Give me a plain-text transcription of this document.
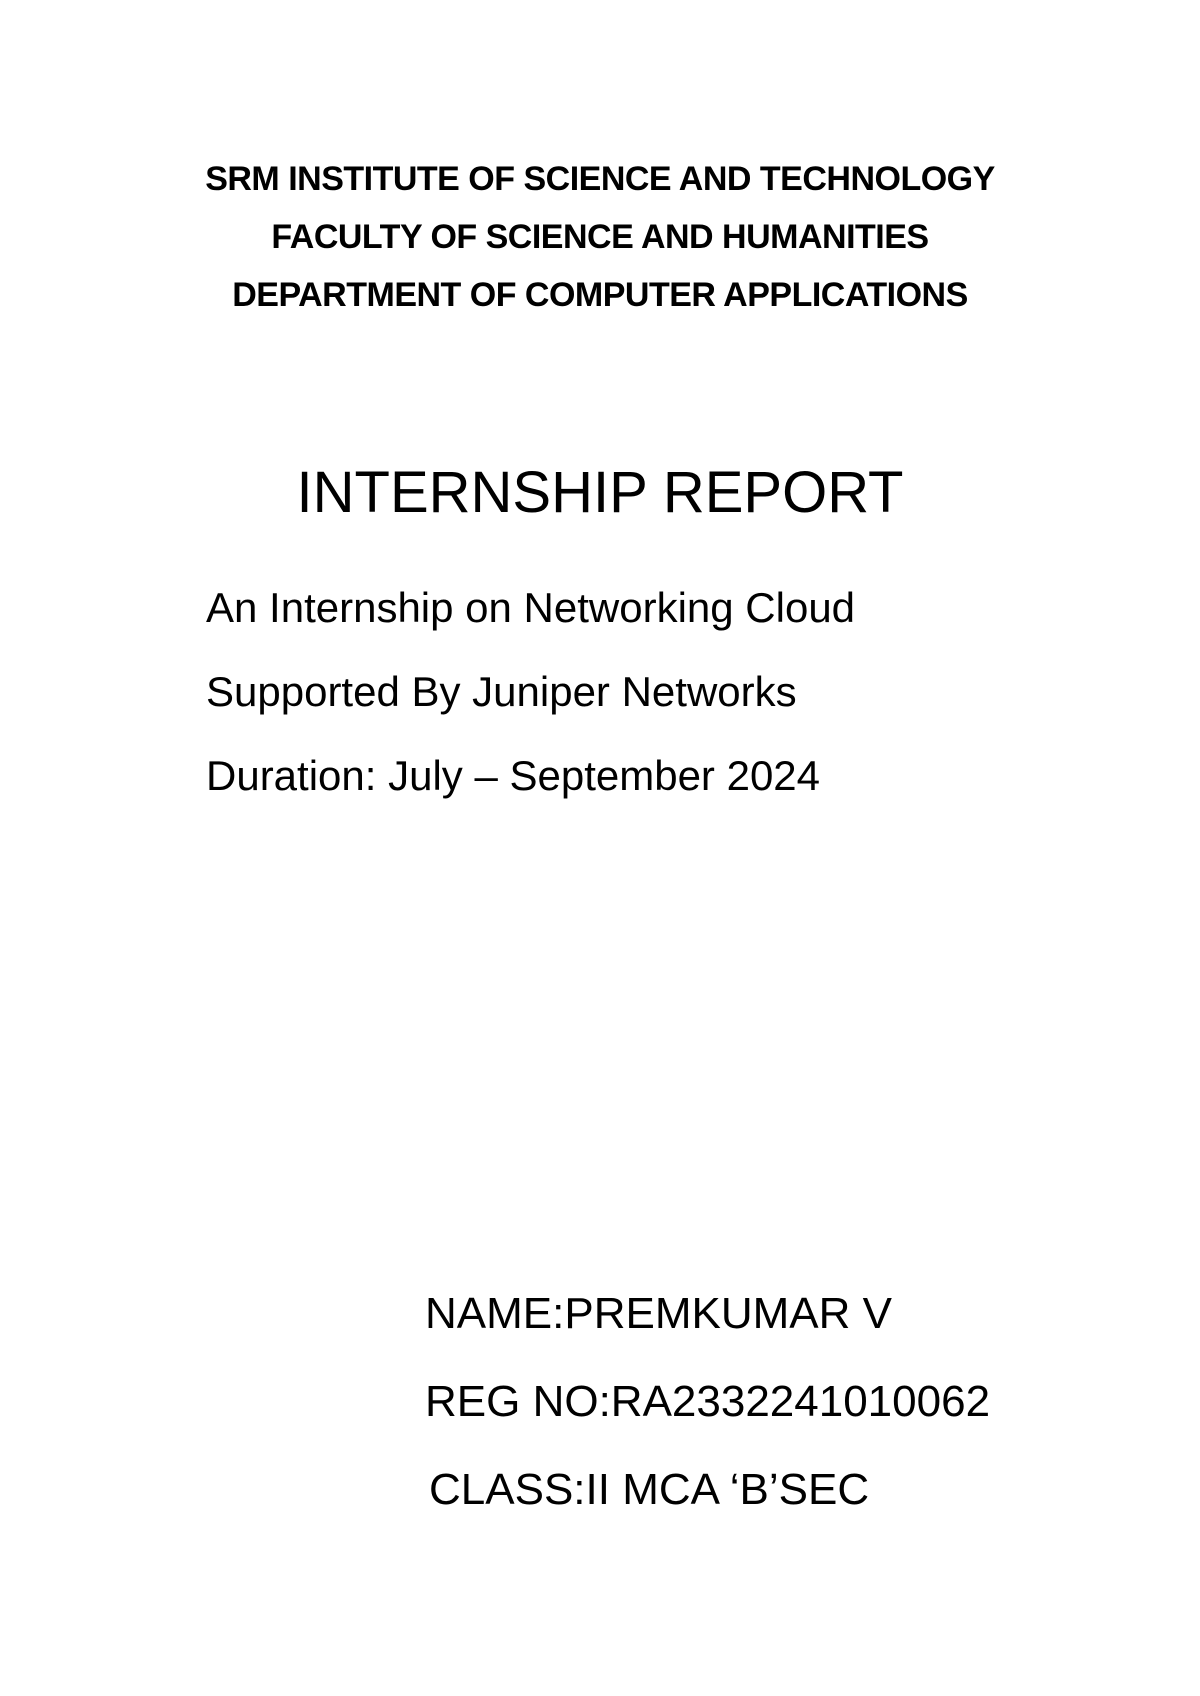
SRM INSTITUTE OF SCIENCE AND TECHNOLOGY
FACULTY OF SCIENCE AND HUMANITIES
DEPARTMENT OF COMPUTER APPLICATIONS
INTERNSHIP REPORT
An Internship on Networking Cloud
Supported By Juniper Networks
Duration: July – September 2024
NAME:PREMKUMAR V
REG NO:RA2332241010062
CLASS:II MCA ‘B’SEC
